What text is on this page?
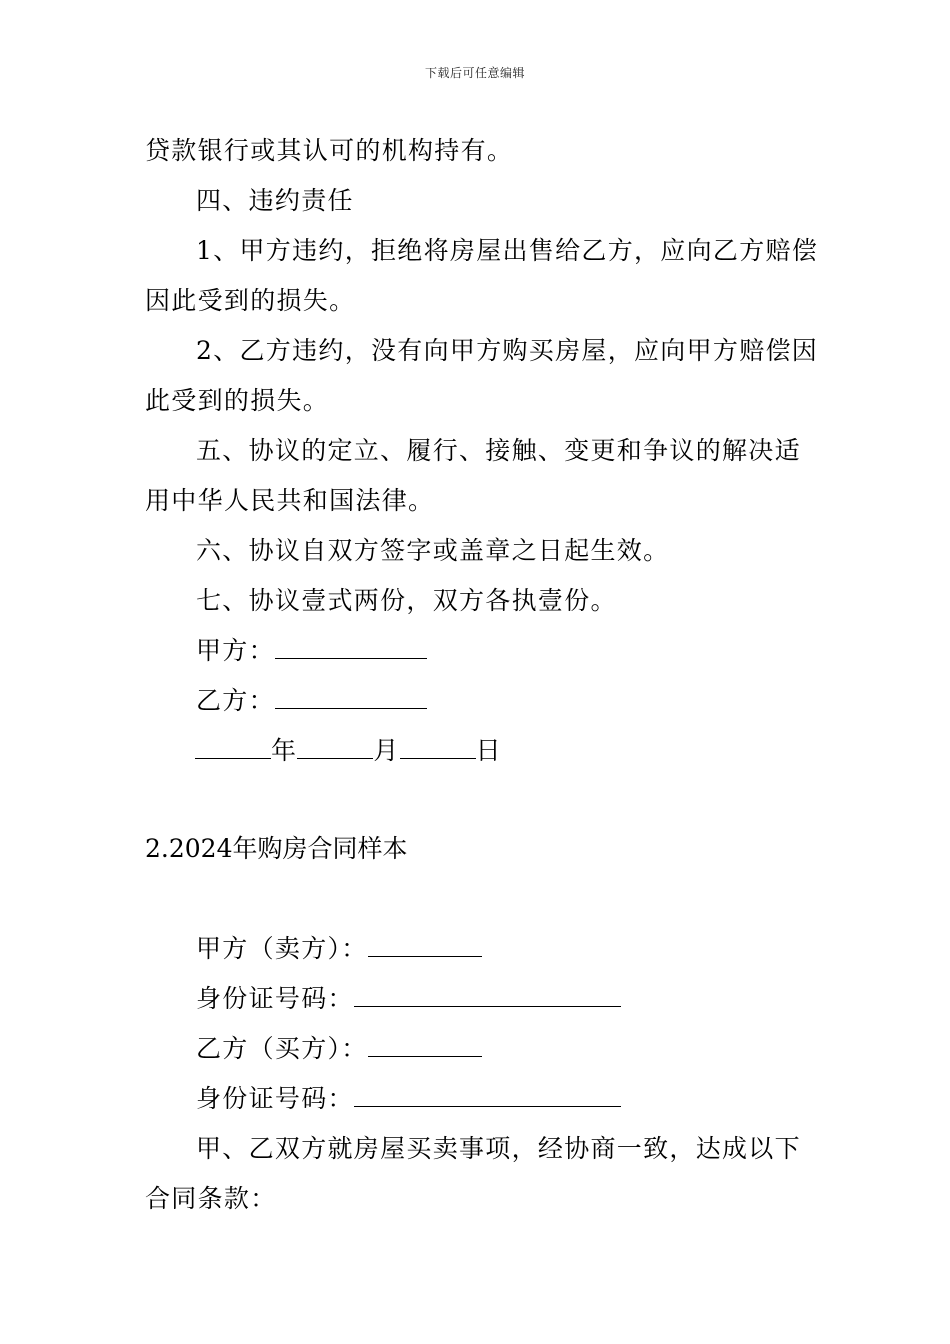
下载后可任意编辑
贷款银行或其认可的机构持有。
四、违约责任
1、甲方违约，拒绝将房屋出售给乙方，应向乙方赔偿
因此受到的损失。
2、乙方违约，没有向甲方购买房屋，应向甲方赔偿因
此受到的损失。
五、协议的定立、履行、接触、变更和争议的解决适
用中华人民共和国法律。
六、协议自双方签字或盖章之日起生效。
七、协议壹式两份，双方各执壹份。
甲方：
乙方：
年	月	日
2.2024年购房合同样本
甲方（卖方）：
身份证号码：
乙方（买方）：
身份证号码：
甲、乙双方就房屋买卖事项，经协商一致，达成以下
合同条款：
